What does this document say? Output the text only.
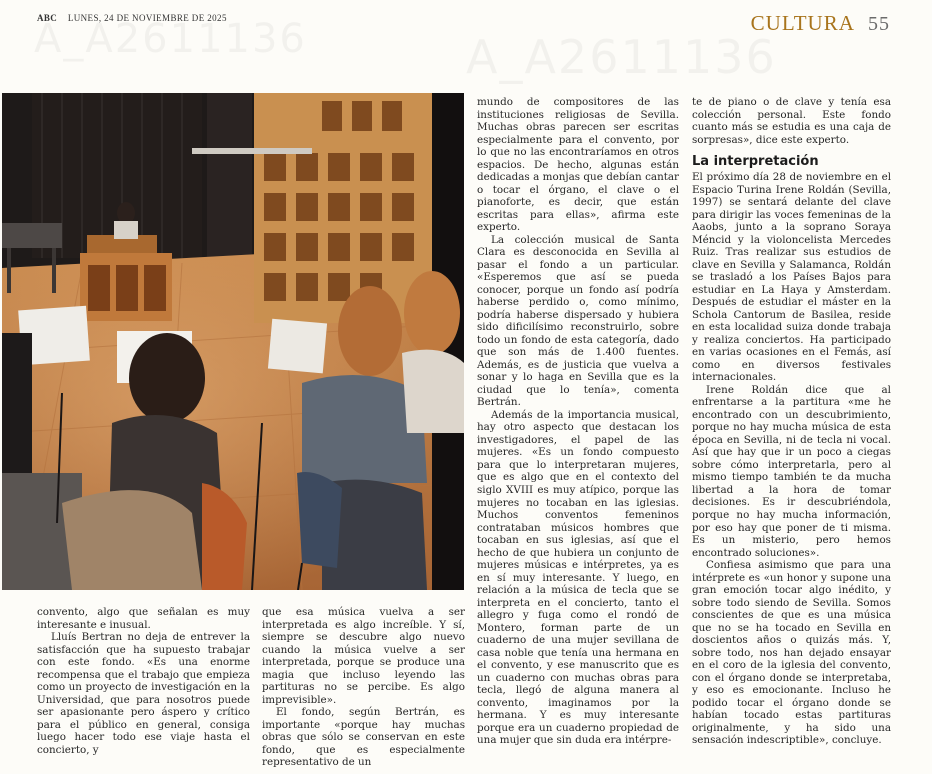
ABC LUNES, 24 DE NOVIEMBRE DE 2025	CULTURA 55

convento, algo que señalan es muy interesante e inusual.

Lluís Bertran no deja de entrever la satisfacción que ha supuesto trabajar con este fondo. «Es una enorme recompensa que el trabajo que empieza como un proyecto de investigación en la Universidad, que para nosotros puede ser apasionante pero áspero y crítico para el público en general, consiga luego hacer todo ese viaje hasta el concierto, y

que esa música vuelva a ser interpretada es algo increíble. Y sí, siempre se descubre algo nuevo cuando la música vuelve a ser interpretada, porque se produce una magia que incluso leyendo las partituras no se percibe. Es algo imprevisible».

El fondo, según Bertrán, es importante «porque hay muchas obras que sólo se conservan en este fondo, que es especialmente representativo de un

mundo de compositores de las instituciones religiosas de Sevilla. Muchas obras parecen ser escritas especialmente para el convento, por lo que no las encontraríamos en otros espacios. De hecho, algunas están dedicadas a monjas que debían cantar o tocar el órgano, el clave o el pianoforte, es decir, que están escritas para ellas», afirma este experto.

La colección musical de Santa Clara es desconocida en Sevilla al pasar el fondo a un particular. «Esperemos que así se pueda conocer, porque un fondo así podría haberse perdido o, como mínimo, podría haberse dispersado y hubiera sido dificilísimo reconstruirlo, sobre todo un fondo de esta categoría, dado que son más de 1.400 fuentes. Además, es de justicia que vuelva a sonar y lo haga en Sevilla que es la ciudad que lo tenía», comenta Bertrán.

Además de la importancia musical, hay otro aspecto que destacan los investigadores, el papel de las mujeres. «Es un fondo compuesto para que lo interpretaran mujeres, que es algo que en el contexto del siglo XVIII es muy atípico, porque las mujeres no tocaban en las iglesias. Muchos conventos femeninos contrataban músicos hombres que tocaban en sus iglesias, así que el hecho de que hubiera un conjunto de mujeres músicas e intérpretes, ya es en sí muy interesante. Y luego, en relación a la música de tecla que se interpreta en el concierto, tanto el allegro y fuga como el rondó de Montero, forman parte de un cuaderno de una mujer sevillana de casa noble que tenía una hermana en el convento, y ese manuscrito que es un cuaderno con muchas obras para tecla, llegó de alguna manera al convento, imaginamos por la hermana. Y es muy interesante porque era un cuaderno propiedad de una mujer que sin duda era intérpre-

te de piano o de clave y tenía esa colección personal. Este fondo cuanto más se estudia es una caja de sorpresas», dice este experto.

La interpretación

El próximo día 28 de noviembre en el Espacio Turina Irene Roldán (Sevilla, 1997) se sentará delante del clave para dirigir las voces femeninas de la Aaobs, junto a la soprano Soraya Méncid y la violoncelista Mercedes Ruiz. Tras realizar sus estudios de clave en Sevilla y Salamanca, Roldán se trasladó a los Países Bajos para estudiar en La Haya y Amsterdam. Después de estudiar el máster en la Schola Cantorum de Basilea, reside en esta localidad suiza donde trabaja y realiza conciertos. Ha participado en varias ocasiones en el Femás, así como en diversos festivales internacionales.

Irene Roldán dice que al enfrentarse a la partitura «me he encontrado con un descubrimiento, porque no hay mucha música de esta época en Sevilla, ni de tecla ni vocal. Así que hay que ir un poco a ciegas sobre cómo interpretarla, pero al mismo tiempo también te da mucha libertad a la hora de tomar decisiones. Es ir descubriéndola, porque no hay mucha información, por eso hay que poner de ti misma. Es un misterio, pero hemos encontrado soluciones».

Confiesa asimismo que para una intérprete es «un honor y supone una gran emoción tocar algo inédito, y sobre todo siendo de Sevilla. Somos conscientes de que es una música que no se ha tocado en Sevilla en doscientos años o quizás más. Y, sobre todo, nos han dejado ensayar en el coro de la iglesia del convento, con el órgano donde se interpretaba, y eso es emocionante. Incluso he podido tocar el órgano donde se habían tocado estas partituras originalmente, y ha sido una sensación indescriptible», concluye.
